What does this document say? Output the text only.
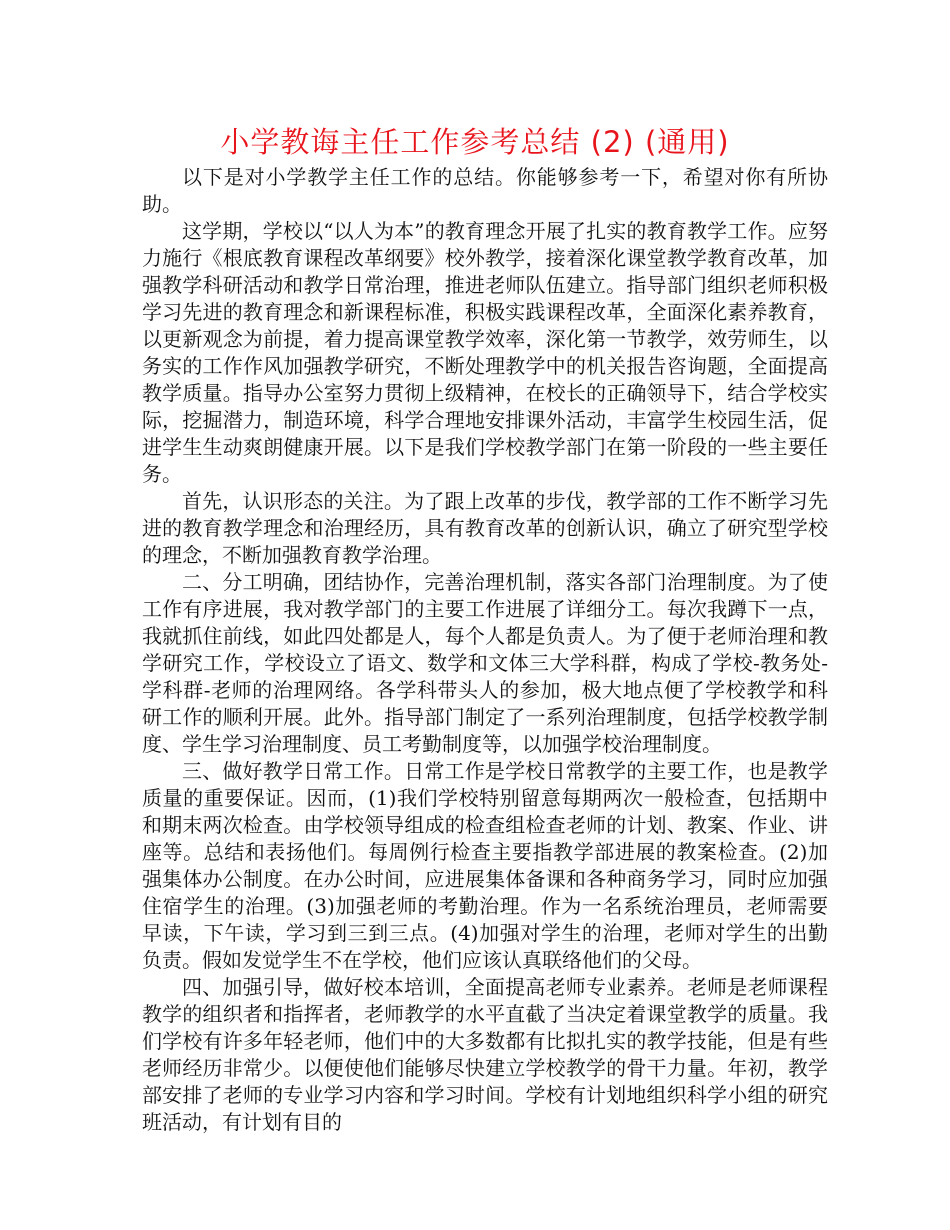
小学教诲主任工作参考总结 (2) (通用)

以下是对小学教学主任工作的总结。你能够参考一下，希望对你有所协助。

这学期，学校以“以人为本”的教育理念开展了扎实的教育教学工作。应努力施行《根底教育课程改革纲要》校外教学，接着深化课堂教学教育改革，加强教学科研活动和教学日常治理，推进老师队伍建立。指导部门组织老师积极学习先进的教育理念和新课程标准，积极实践课程改革，全面深化素养教育，以更新观念为前提，着力提高课堂教学效率，深化第一节教学，效劳师生，以务实的工作作风加强教学研究，不断处理教学中的机关报告咨询题，全面提高教学质量。指导办公室努力贯彻上级精神，在校长的正确领导下，结合学校实际，挖掘潜力，制造环境，科学合理地安排课外活动，丰富学生校园生活，促进学生生动爽朗健康开展。以下是我们学校教学部门在第一阶段的一些主要任务。

首先，认识形态的关注。为了跟上改革的步伐，教学部的工作不断学习先进的教育教学理念和治理经历，具有教育改革的创新认识，确立了研究型学校的理念，不断加强教育教学治理。

二、分工明确，团结协作，完善治理机制，落实各部门治理制度。为了使工作有序进展，我对教学部门的主要工作进展了详细分工。每次我蹲下一点，我就抓住前线，如此四处都是人，每个人都是负责人。为了便于老师治理和教学研究工作，学校设立了语文、数学和文体三大学科群，构成了学校-教务处-学科群-老师的治理网络。各学科带头人的参加，极大地点便了学校教学和科研工作的顺利开展。此外。指导部门制定了一系列治理制度，包括学校教学制度、学生学习治理制度、员工考勤制度等，以加强学校治理制度。

三、做好教学日常工作。日常工作是学校日常教学的主要工作，也是教学质量的重要保证。因而，(1)我们学校特别留意每期两次一般检查，包括期中和期末两次检查。由学校领导组成的检查组检查老师的计划、教案、作业、讲座等。总结和表扬他们。每周例行检查主要指教学部进展的教案检查。(2)加强集体办公制度。在办公时间，应进展集体备课和各种商务学习，同时应加强住宿学生的治理。(3)加强老师的考勤治理。作为一名系统治理员，老师需要早读，下午读，学习到三到三点。(4)加强对学生的治理，老师对学生的出勤负责。假如发觉学生不在学校，他们应该认真联络他们的父母。

四、加强引导，做好校本培训，全面提高老师专业素养。老师是老师课程教学的组织者和指挥者，老师教学的水平直截了当决定着课堂教学的质量。我们学校有许多年轻老师，他们中的大多数都有比拟扎实的教学技能，但是有些老师经历非常少。以便使他们能够尽快建立学校教学的骨干力量。年初，教学部安排了老师的专业学习内容和学习时间。学校有计划地组织科学小组的研究班活动，有计划有目的
